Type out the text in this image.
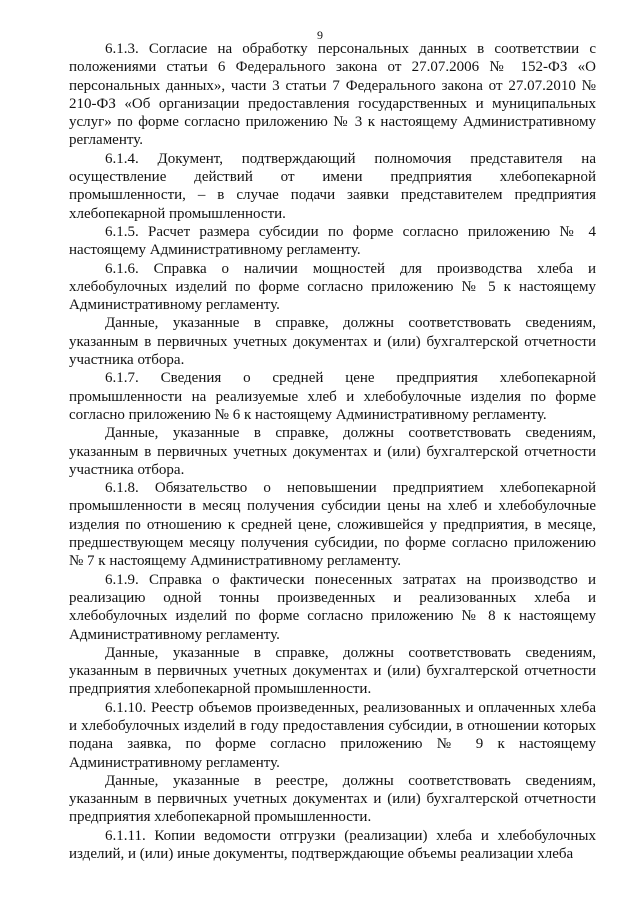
9

6.1.3. Согласие на обработку персональных данных в соответствии с положениями статьи 6 Федерального закона от 27.07.2006 № 152-ФЗ «О персональных данных», части 3 статьи 7 Федерального закона от 27.07.2010 № 210-ФЗ «Об организации предоставления государственных и муниципальных услуг» по форме согласно приложению № 3 к настоящему Административному регламенту.

6.1.4. Документ, подтверждающий полномочия представителя на осуществление действий от имени предприятия хлебопекарной промышленности, – в случае подачи заявки представителем предприятия хлебопекарной промышленности.

6.1.5. Расчет размера субсидии по форме согласно приложению № 4 настоящему Административному регламенту.

6.1.6. Справка о наличии мощностей для производства хлеба и хлебобулочных изделий по форме согласно приложению № 5 к настоящему Административному регламенту.

Данные, указанные в справке, должны соответствовать сведениям, указанным в первичных учетных документах и (или) бухгалтерской отчетности участника отбора.

6.1.7. Сведения о средней цене предприятия хлебопекарной промышленности на реализуемые хлеб и хлебобулочные изделия по форме согласно приложению № 6 к настоящему Административному регламенту.

Данные, указанные в справке, должны соответствовать сведениям, указанным в первичных учетных документах и (или) бухгалтерской отчетности участника отбора.

6.1.8. Обязательство о неповышении предприятием хлебопекарной промышленности в месяц получения субсидии цены на хлеб и хлебобулочные изделия по отношению к средней цене, сложившейся у предприятия, в месяце, предшествующем месяцу получения субсидии, по форме согласно приложению № 7 к настоящему Административному регламенту.

6.1.9. Справка о фактически понесенных затратах на производство и реализацию одной тонны произведенных и реализованных хлеба и хлебобулочных изделий по форме согласно приложению № 8 к настоящему Административному регламенту.

Данные, указанные в справке, должны соответствовать сведениям, указанным в первичных учетных документах и (или) бухгалтерской отчетности предприятия хлебопекарной промышленности.

6.1.10. Реестр объемов произведенных, реализованных и оплаченных хлеба и хлебобулочных изделий в году предоставления субсидии, в отношении которых подана заявка, по форме согласно приложению № 9 к настоящему Административному регламенту.

Данные, указанные в реестре, должны соответствовать сведениям, указанным в первичных учетных документах и (или) бухгалтерской отчетности предприятия хлебопекарной промышленности.

6.1.11. Копии ведомости отгрузки (реализации) хлеба и хлебобулочных изделий, и (или) иные документы, подтверждающие объемы реализации хлеба
